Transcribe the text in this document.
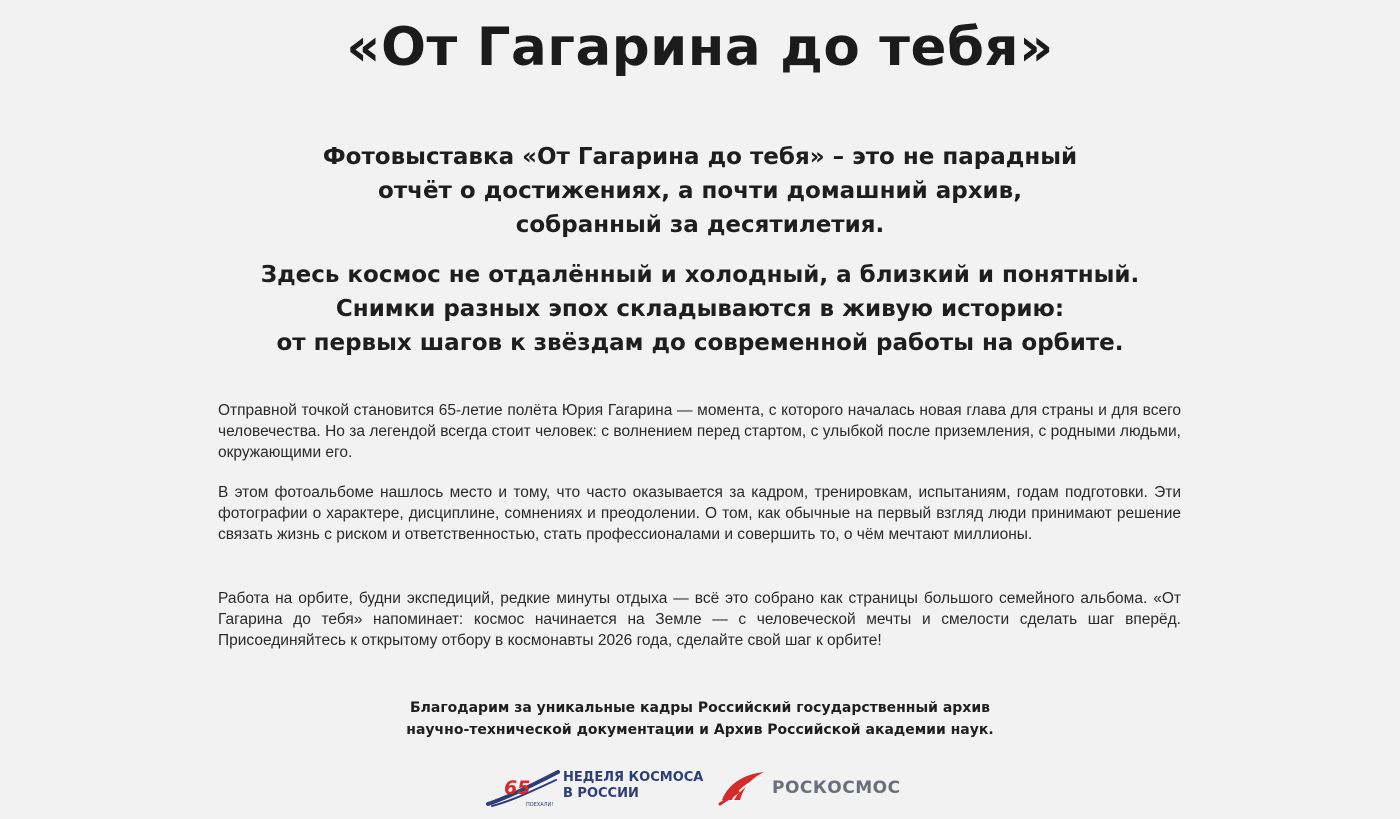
«От Гагарина до тебя»

Фотовыставка «От Гагарина до тебя» – это не парадный
отчёт о достижениях, а почти домашний архив,
собранный за десятилетия.

Здесь космос не отдалённый и холодный, а близкий и понятный.
Снимки разных эпох складываются в живую историю:
от первых шагов к звёздам до современной работы на орбите.

Отправной точкой становится 65-летие полёта Юрия Гагарина — момента, с которого началась новая глава для страны и для всего человечества. Но за легендой всегда стоит человек: с волнением перед стартом, с улыбкой после приземления, с родными людьми, окружающими его.

В этом фотоальбоме нашлось место и тому, что часто оказывается за кадром, тренировкам, испытаниям, годам подготовки. Эти фотографии о характере, дисциплине, сомнениях и преодолении. О том, как обычные на первый взгляд люди принимают решение связать жизнь с риском и ответственностью, стать профессионалами и совершить то, о чём мечтают миллионы.

Работа на орбите, будни экспедиций, редкие минуты отдыха — всё это собрано как страницы большого семейного альбома. «От Гагарина до тебя» напоминает: космос начинается на Земле — с человеческой мечты и смелости сделать шаг вперёд. Присоединяйтесь к открытому отбору в космонавты 2026 года, сделайте свой шаг к орбите!

Благодарим за уникальные кадры Российский государственный архив
научно-технической документации и Архив Российской академии наук.

65
ПОЕХАЛИ!
НЕДЕЛЯ КОСМОСА
В РОССИИ	РОСКОСМОС
